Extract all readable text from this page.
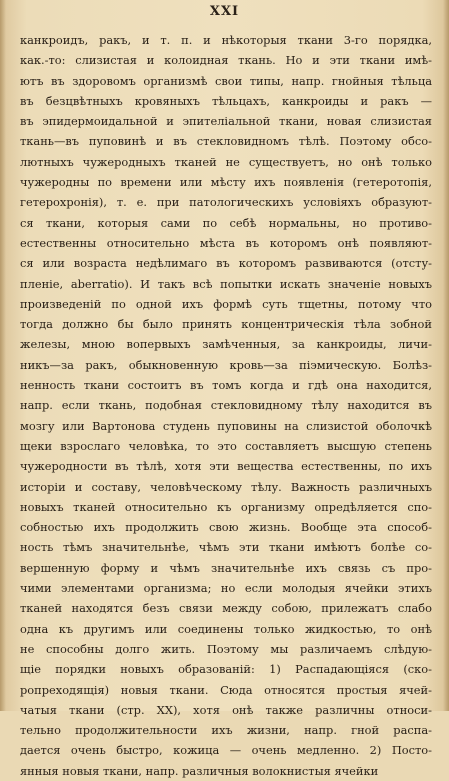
XXI
канкроидъ, ракъ, и т. п. и нѣкоторыя ткани 3-го порядка,
как.-то: слизистая и колоидная ткань. Но и эти ткани имѣ-
ютъ въ здоровомъ организмѣ свои типы, напр. гнойныя тѣльца
въ безцвѣтныхъ кровяныхъ тѣльцахъ, канкроиды и ракъ —
въ эпидермоидальной и эпителіальной ткани, новая слизистая
ткань—въ пуповинѣ и въ стекловидномъ тѣлѣ. Поэтому обсо-
лютныхъ чужеродныхъ тканей не существуетъ, но онѣ только
чужеродны по времени или мѣсту ихъ появленія (гетеротопія,
гетерохронія), т. е. при патологическихъ условіяхъ образуют-
ся ткани, которыя сами по себѣ нормальны, но противо-
естественны относительно мѣста въ которомъ онѣ появляют-
ся или возраста недѣлимаго въ которомъ развиваются (отсту-
пленіе, aberratio). И такъ всѣ попытки искать значеніе новыхъ
произведеній по одной ихъ формѣ суть тщетны, потому что
тогда должно бы было принять концентрическія тѣла зобной
железы, мною вопервыхъ замѣченныя, за канкроиды, личи-
никъ—за ракъ, обыкновенную кровь—за піэмическую. Болѣз-
ненность ткани состоитъ въ томъ когда и гдѣ она находится,
напр. если ткань, подобная стекловидному тѣлу находится въ
мозгу или Вартонова студень пуповины на слизистой оболочкѣ
щеки взрослаго человѣка, то это составляетъ высшую степень
чужеродности въ тѣлѣ, хотя эти вещества естественны, по ихъ
исторіи и составу, человѣческому тѣлу. Важность различныхъ
новыхъ тканей относительно къ организму опредѣляется спо-
собностью ихъ продолжить свою жизнь. Вообще эта способ-
ность тѣмъ значительнѣе, чѣмъ эти ткани имѣютъ болѣе со-
вершенную форму и чѣмъ значительнѣе ихъ связь съ про-
чими элементами организма; но если молодыя ячейки этихъ
тканей находятся безъ связи между собою, прилежатъ слабо
одна къ другимъ или соединены только жидкостью, то онѣ
не способны долго жить. Поэтому мы различаемъ слѣдую-
щіе порядки новыхъ образованій: 1) Распадающіяся (ско-
ропреходящія) новыя ткани. Сюда относятся простыя ячей-
чатыя ткани (стр. XX), хотя онѣ также различны относи-
тельно продолжительности ихъ жизни, напр. гной распа-
дается очень быстро, кожица — очень медленно. 2) Посто-
янныя новыя ткани, напр. различныя волокнистыя ячейки
